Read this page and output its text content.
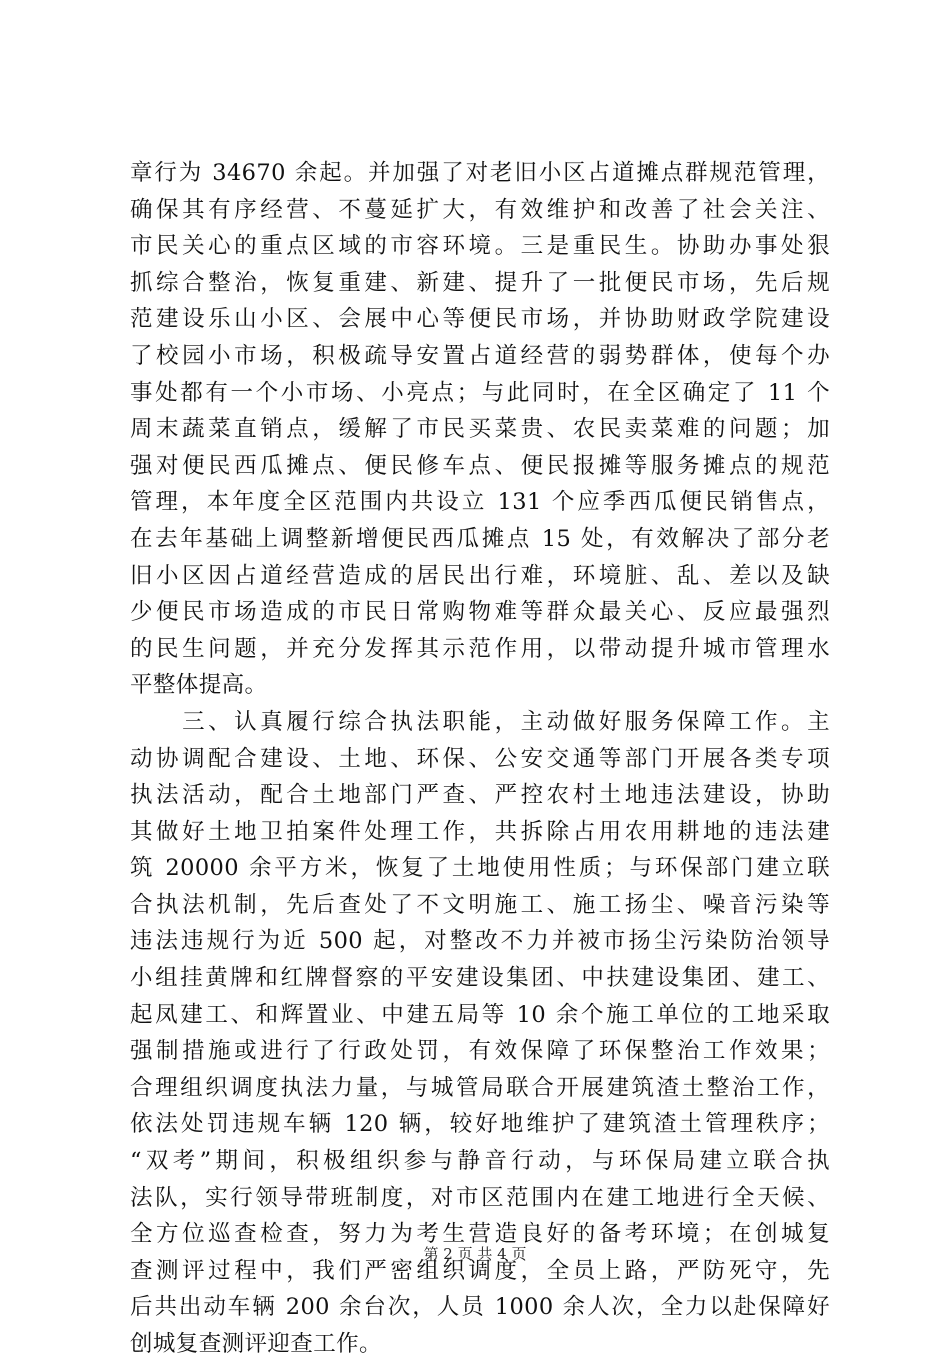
章行为 34670 余起。并加强了对老旧小区占道摊点群规范管理，
确保其有序经营、不蔓延扩大，有效维护和改善了社会关注、
市民关心的重点区域的市容环境。三是重民生。协助办事处狠
抓综合整治，恢复重建、新建、提升了一批便民市场，先后规
范建设乐山小区、会展中心等便民市场，并协助财政学院建设
了校园小市场，积极疏导安置占道经营的弱势群体，使每个办
事处都有一个小市场、小亮点；与此同时，在全区确定了 11 个
周末蔬菜直销点，缓解了市民买菜贵、农民卖菜难的问题；加
强对便民西瓜摊点、便民修车点、便民报摊等服务摊点的规范
管理，本年度全区范围内共设立 131 个应季西瓜便民销售点，
在去年基础上调整新增便民西瓜摊点 15 处，有效解决了部分老
旧小区因占道经营造成的居民出行难，环境脏、乱、差以及缺
少便民市场造成的市民日常购物难等群众最关心、反应最强烈
的民生问题，并充分发挥其示范作用，以带动提升城市管理水
平整体提高。
　　三、认真履行综合执法职能，主动做好服务保障工作。主
动协调配合建设、土地、环保、公安交通等部门开展各类专项
执法活动，配合土地部门严查、严控农村土地违法建设，协助
其做好土地卫拍案件处理工作，共拆除占用农用耕地的违法建
筑 20000 余平方米，恢复了土地使用性质；与环保部门建立联
合执法机制，先后查处了不文明施工、施工扬尘、噪音污染等
违法违规行为近 500 起，对整改不力并被市扬尘污染防治领导
小组挂黄牌和红牌督察的平安建设集团、中扶建设集团、建工、
起凤建工、和辉置业、中建五局等 10 余个施工单位的工地采取
强制措施或进行了行政处罚，有效保障了环保整治工作效果；
合理组织调度执法力量，与城管局联合开展建筑渣土整治工作，
依法处罚违规车辆 120 辆，较好地维护了建筑渣土管理秩序；
“双考”期间，积极组织参与静音行动，与环保局建立联合执
法队，实行领导带班制度，对市区范围内在建工地进行全天候、
全方位巡查检查，努力为考生营造良好的备考环境；在创城复
查测评过程中，我们严密组织调度，全员上路，严防死守，先
后共出动车辆 200 余台次，人员 1000 余人次，全力以赴保障好
创城复查测评迎查工作。
第 2 页 共 4 页
